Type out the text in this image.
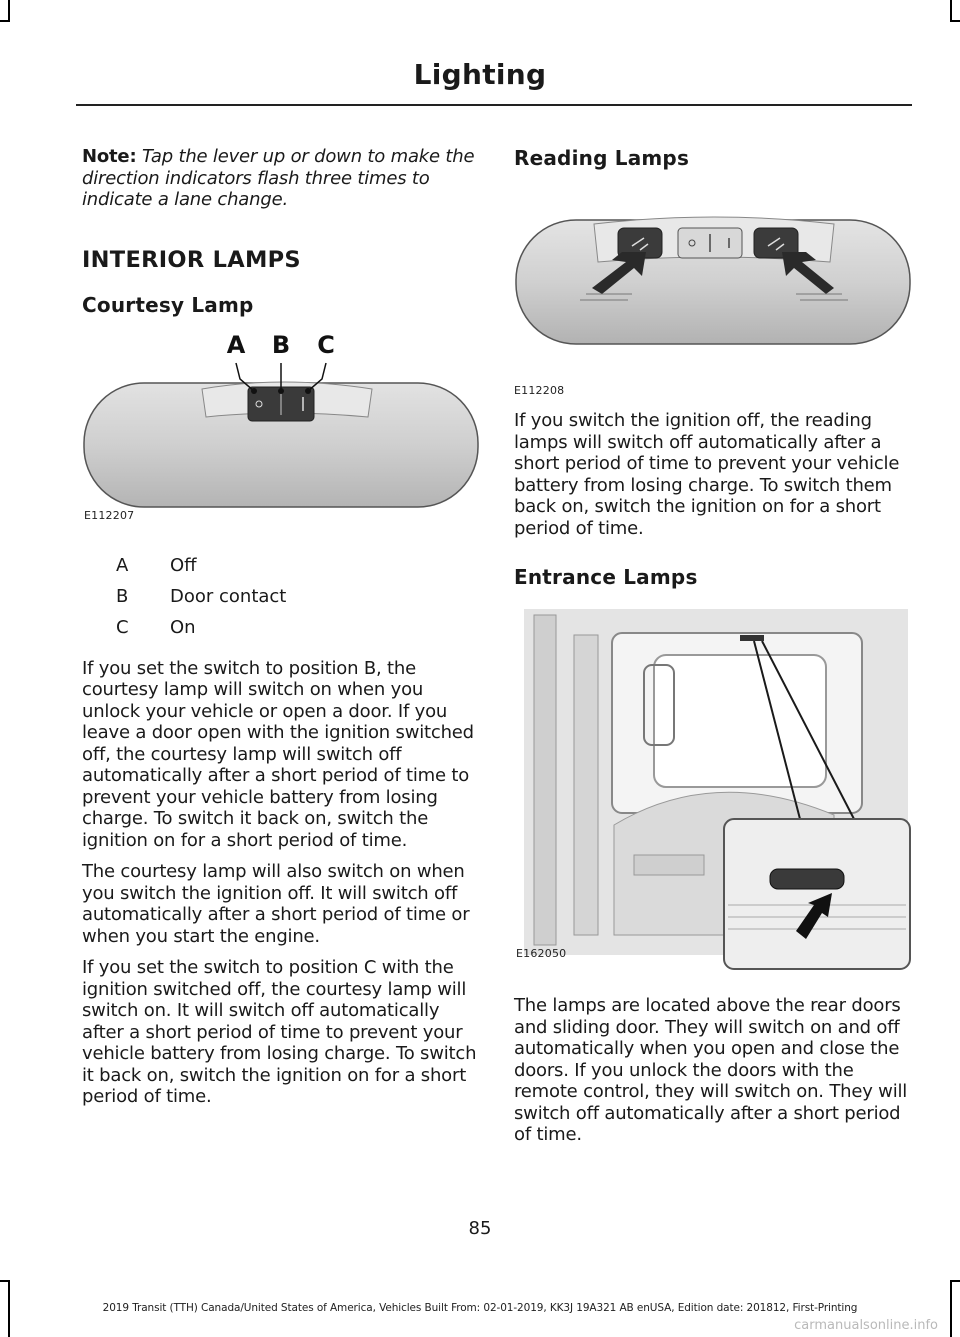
Lighting

Note: Tap the lever up or down to make the direction indicators flash three times to indicate a lane change.

INTERIOR LAMPS
Courtesy Lamp
A B C
E112207
A	Off
B	Door contact
C	On

If you set the switch to position B, the courtesy lamp will switch on when you unlock your vehicle or open a door. If you leave a door open with the ignition switched off, the courtesy lamp will switch off automatically after a short period of time to prevent your vehicle battery from losing charge. To switch it back on, switch the ignition on for a short period of time.

The courtesy lamp will also switch on when you switch the ignition off. It will switch off automatically after a short period of time or when you start the engine.

If you set the switch to position C with the ignition switched off, the courtesy lamp will switch on. It will switch off automatically after a short period of time to prevent your vehicle battery from losing charge. To switch it back on, switch the ignition on for a short period of time.

Reading Lamps
E112208

If you switch the ignition off, the reading lamps will switch off automatically after a short period of time to prevent your vehicle battery from losing charge. To switch them back on, switch the ignition on for a short period of time.

Entrance Lamps
E162050

The lamps are located above the rear doors and sliding door. They will switch on and off automatically when you open and close the doors. If you unlock the doors with the remote control, they will switch on. They will switch off automatically after a short period of time.

85
2019 Transit (TTH) Canada/United States of America, Vehicles Built From: 02-01-2019, KK3J 19A321 AB enUSA, Edition date: 201812, First-Printing
carmanualsonline.info
